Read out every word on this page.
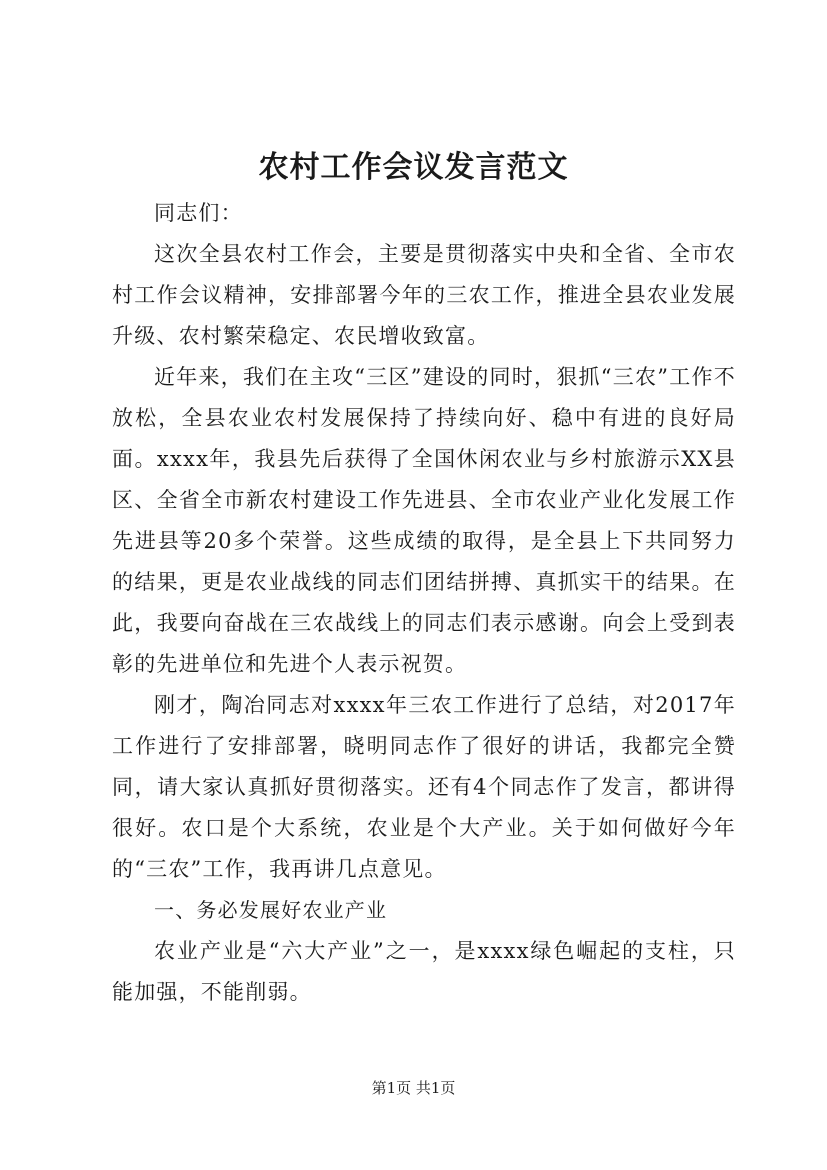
农村工作会议发言范文

同志们：

这次全县农村工作会，主要是贯彻落实中央和全省、全市农村工作会议精神，安排部署今年的三农工作，推进全县农业发展升级、农村繁荣稳定、农民增收致富。

近年来，我们在主攻“三区”建设的同时，狠抓“三农”工作不放松，全县农业农村发展保持了持续向好、稳中有进的良好局面。xxxx年，我县先后获得了全国休闲农业与乡村旅游示XX县区、全省全市新农村建设工作先进县、全市农业产业化发展工作先进县等20多个荣誉。这些成绩的取得，是全县上下共同努力的结果，更是农业战线的同志们团结拼搏、真抓实干的结果。在此，我要向奋战在三农战线上的同志们表示感谢。向会上受到表彰的先进单位和先进个人表示祝贺。

刚才，陶冶同志对xxxx年三农工作进行了总结，对2017年工作进行了安排部署，晓明同志作了很好的讲话，我都完全赞同，请大家认真抓好贯彻落实。还有4个同志作了发言，都讲得很好。农口是个大系统，农业是个大产业。关于如何做好今年的“三农”工作，我再讲几点意见。

一、务必发展好农业产业

农业产业是“六大产业”之一，是xxxx绿色崛起的支柱，只能加强，不能削弱。

第1页 共1页
